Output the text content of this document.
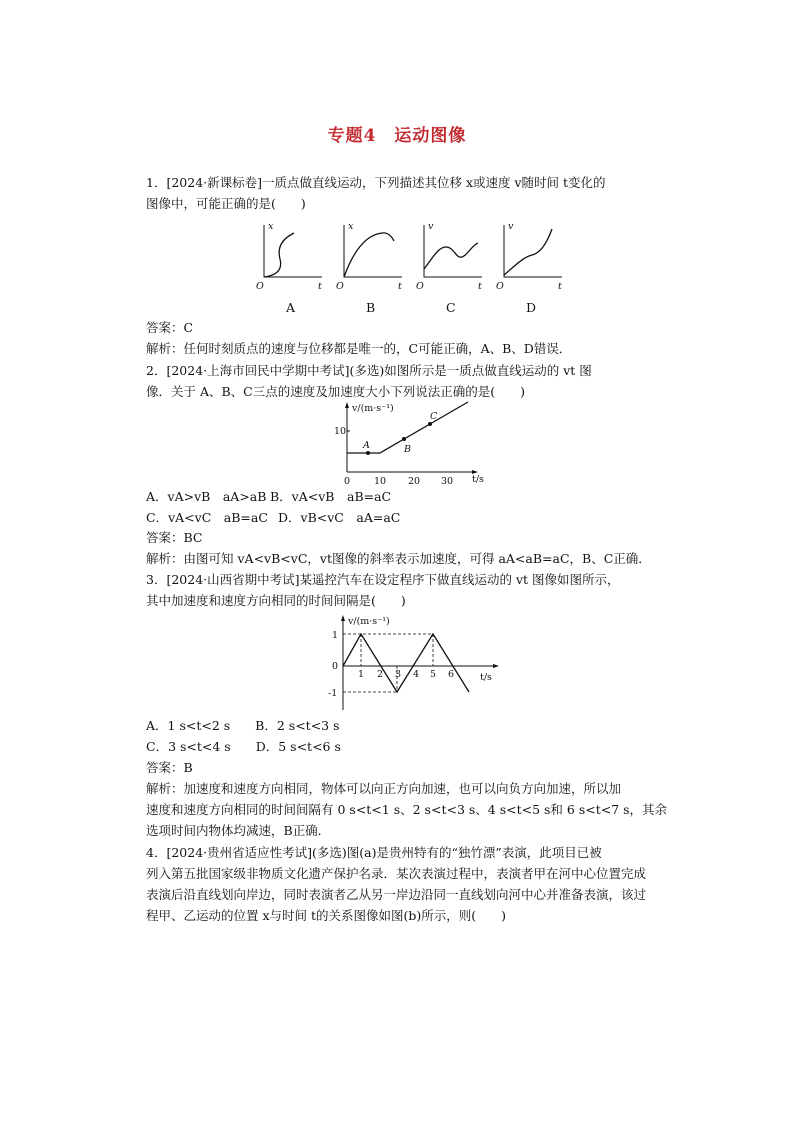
专题4　运动图像
1．[2024·新课标卷]一质点做直线运动，下列描述其位移 x或速度 v随时间 t变化的
图像中，可能正确的是(　　)
x
O	t
A
x
O	t
B
v
O	t
C
v
O	t
D
答案：C
解析：任何时刻质点的速度与位移都是唯一的，C可能正确，A、B、D错误．
2．[2024·上海市回民中学期中考试](多选)如图所示是一质点做直线运动的 vt 图
像．关于 A、B、C三点的速度及加速度大小下列说法正确的是(　　)
v/(m·s⁻¹)
t/s
10
0	10 20 30
A	B
C
A．vA>vB　aA>aB B．vA<vB　aB=aC
C．vA<vC　aB=aC D．vB<vC　aA=aC
答案：BC
解析：由图可知 vA<vB<vC，vt图像的斜率表示加速度，可得 aA<aB=aC，B、C正确．
3．[2024·山西省期中考试]某遥控汽车在设定程序下做直线运动的 vt 图像如图所示，
其中加速度和速度方向相同的时间间隔是(　　)
v/(m·s⁻¹)
t/s
1
0
-1
1 2 3 4 5 6
A．1 s<t<2 s　　B．2 s<t<3 s
C．3 s<t<4 s　　D．5 s<t<6 s
答案：B
解析：加速度和速度方向相同，物体可以向正方向加速，也可以向负方向加速，所以加
速度和速度方向相同的时间间隔有 0 s<t<1 s、2 s<t<3 s、4 s<t<5 s和 6 s<t<7 s，其余
选项时间内物体均减速，B正确．
4．[2024·贵州省适应性考试](多选)图(a)是贵州特有的“独竹漂”表演，此项目已被
列入第五批国家级非物质文化遗产保护名录．某次表演过程中，表演者甲在河中心位置完成
表演后沿直线划向岸边，同时表演者乙从另一岸边沿同一直线划向河中心并准备表演，该过
程甲、乙运动的位置 x与时间 t的关系图像如图(b)所示，则(　　)
